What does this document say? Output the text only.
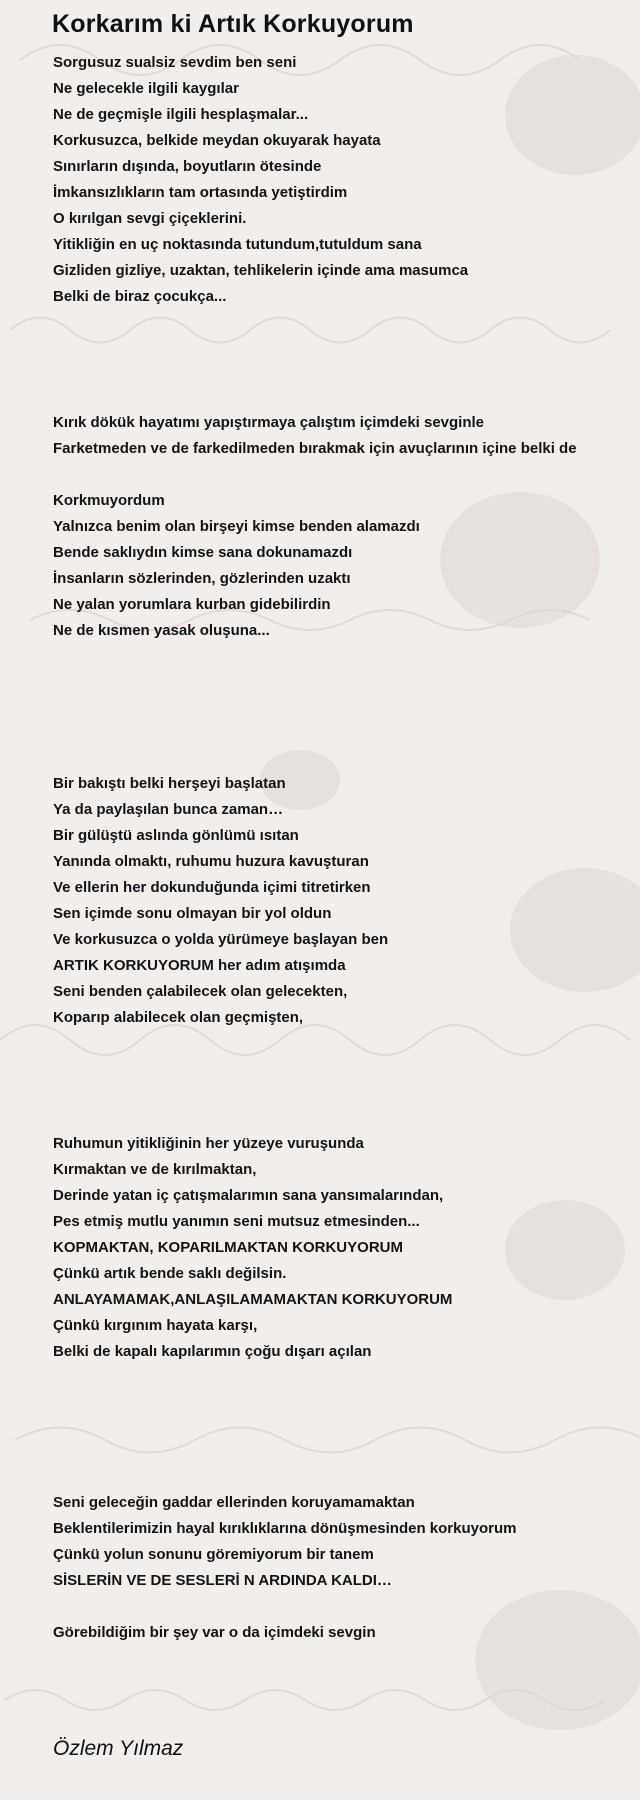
Korkarım ki Artık Korkuyorum
Sorgusuz sualsiz sevdim ben seni
Ne gelecekle ilgili kaygılar
Ne de geçmişle ilgili hesplaşmalar...
Korkusuzca, belkide meydan okuyarak hayata
Sınırların dışında, boyutların ötesinde
İmkansızlıkların tam ortasında yetiştirdim
O kırılgan sevgi çiçeklerini.
Yitikliğin en uç noktasında tutundum,tutuldum sana
Gizliden gizliye, uzaktan, tehlikelerin içinde ama masumca
Belki de biraz çocukça...
Kırık dökük hayatımı yapıştırmaya çalıştım içimdeki sevginle
Farketmeden ve de farkedilmeden bırakmak için avuçlarının içine belki de
Korkmuyordum
Yalnızca benim olan birşeyi kimse benden alamazdı
Bende saklıydın kimse sana dokunamazdı
İnsanların sözlerinden, gözlerinden uzaktı
Ne yalan yorumlara kurban gidebilirdin
Ne de kısmen yasak oluşuna...
Bir bakıştı belki herşeyi başlatan
Ya da paylaşılan bunca zaman…
Bir gülüştü aslında gönlümü ısıtan
Yanında olmaktı, ruhumu huzura kavuşturan
Ve ellerin her dokunduğunda içimi titretirken
Sen içimde sonu olmayan bir yol oldun
Ve korkusuzca o yolda yürümeye başlayan ben
ARTIK KORKUYORUM her adım atışımda
Seni benden çalabilecek olan gelecekten,
Koparıp alabilecek olan geçmişten,
Ruhumun yitikliğinin her yüzeye vuruşunda
Kırmaktan ve de kırılmaktan,
Derinde yatan iç çatışmalarımın sana yansımalarından,
Pes etmiş mutlu yanımın seni mutsuz etmesinden...
KOPMAKTAN, KOPARILMAKTAN KORKUYORUM
Çünkü artık bende saklı değilsin.
ANLAYAMAMAK,ANLAŞILAMAMAKTAN KORKUYORUM
Çünkü kırgınım hayata karşı,
Belki de kapalı kapılarımın çoğu dışarı açılan
Seni geleceğin gaddar ellerinden koruyamamaktan
Beklentilerimizin hayal kırıklıklarına dönüşmesinden korkuyorum
Çünkü yolun sonunu göremiyorum bir tanem
SİSLERİN VE DE SESLERİ N ARDINDA KALDI…
Görebildiğim bir şey var o da içimdeki sevgin
Özlem Yılmaz
